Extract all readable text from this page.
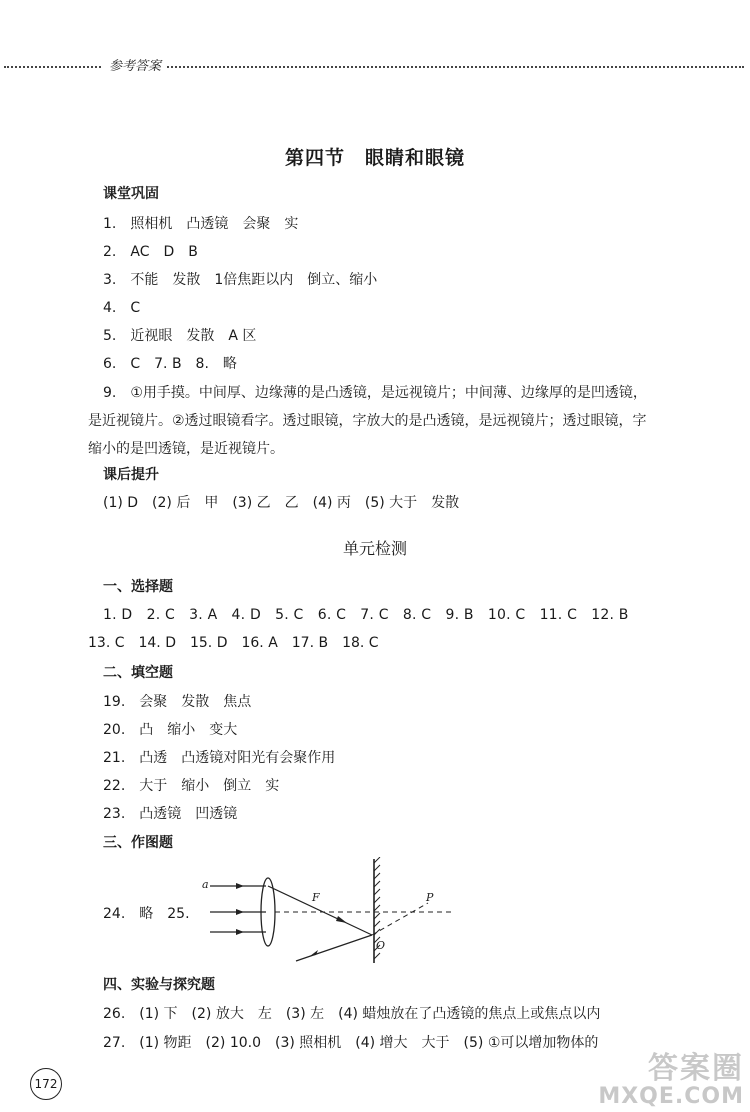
参考答案
第四节　眼睛和眼镜
课堂巩固
1.　照相机　凸透镜　会聚　实
2.　AC　D　B
3.　不能　发散　1倍焦距以内　倒立、缩小
4.　C
5.　近视眼　发散　A 区
6.　C　7. B　8.　略
9.　①用手摸。中间厚、边缘薄的是凸透镜，是远视镜片；中间薄、边缘厚的是凹透镜，
是近视镜片。②透过眼镜看字。透过眼镜，字放大的是凸透镜，是远视镜片；透过眼镜，字
缩小的是凹透镜，是近视镜片。
课后提升
(1) D　(2) 后　甲　(3) 乙　乙　(4) 丙　(5) 大于　发散
单元检测
一、选择题
1. D　2. C　3. A　4. D　5. C　6. C　7. C　8. C　9. B　10. C　11. C　12. B
13. C　14. D　15. D　16. A　17. B　18. C
二、填空题
19.　会聚　发散　焦点
20.　凸　缩小　变大
21.　凸透　凸透镜对阳光有会聚作用
22.　大于　缩小　倒立　实
23.　凸透镜　凹透镜
三、作图题
24.　略　25.
a
F	P
O
四、实验与探究题
26.　(1) 下　(2) 放大　左　(3) 左　(4) 蜡烛放在了凸透镜的焦点上或焦点以内
27.　(1) 物距　(2) 10.0　(3) 照相机　(4) 增大　大于　(5) ①可以增加物体的
172	答案圈
MXQE.COM
